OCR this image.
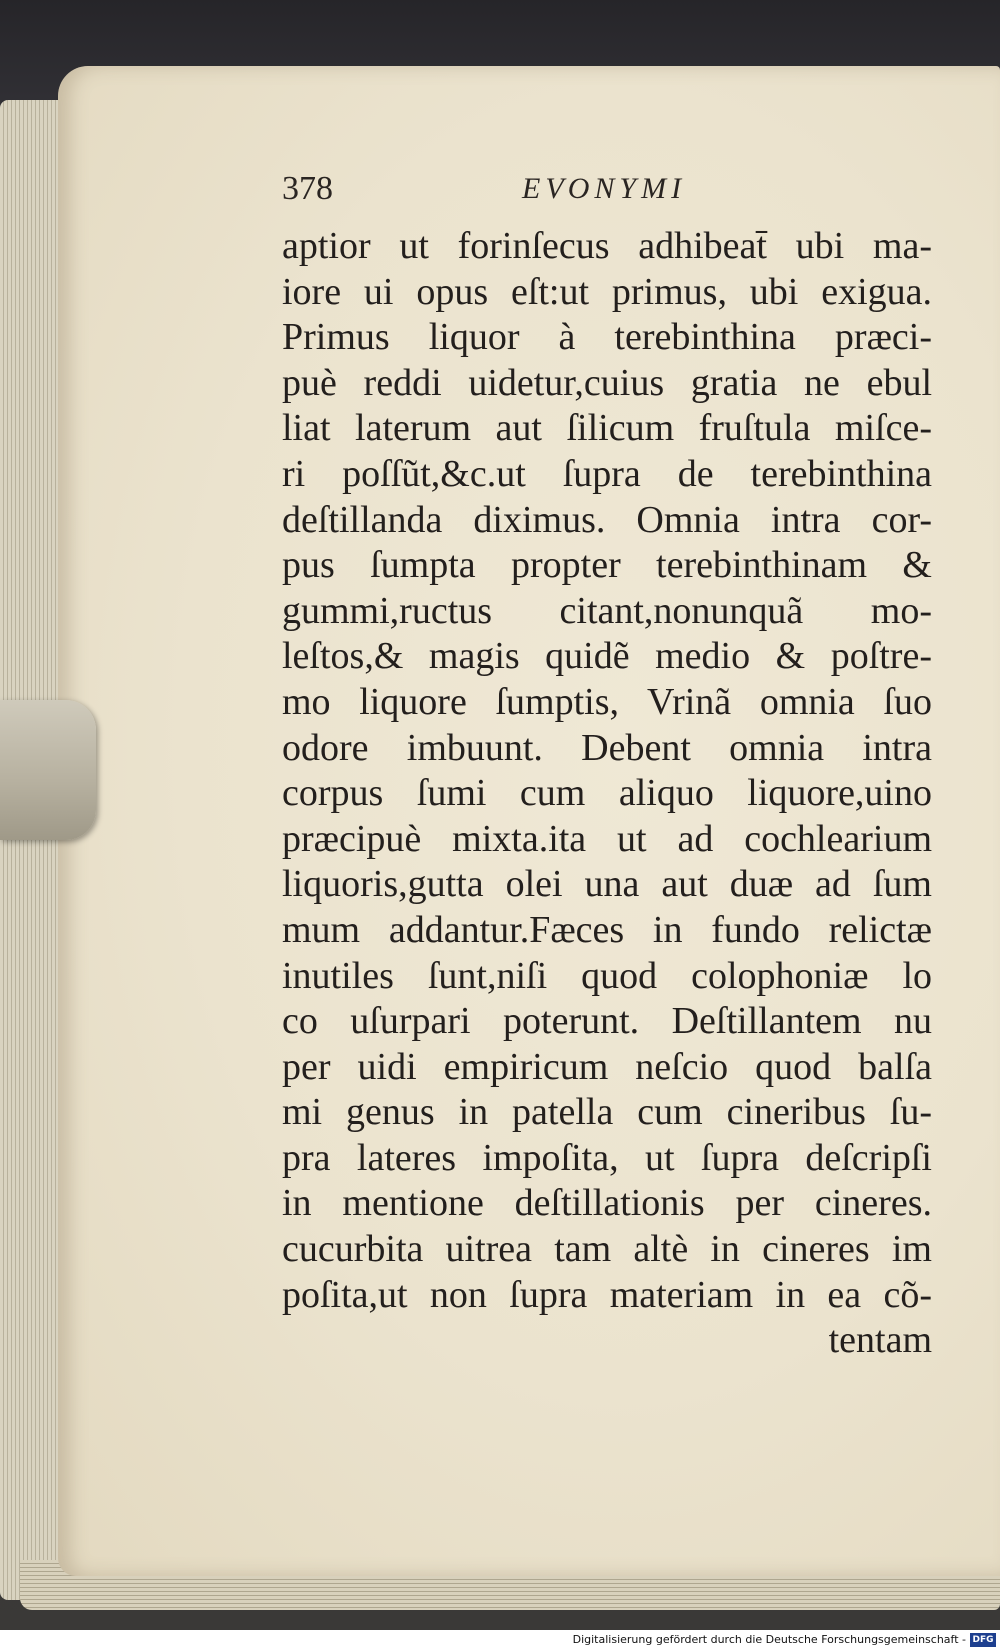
378	EVONYMI
aptior ut forinſecus adhibeat̄ ubi ma-
iore ui opus eſt:ut primus, ubi exigua.
Primus liquor à terebinthina præci-
puè reddi uidetur,cuius gratia ne ebul
liat laterum aut ſilicum fruſtula miſce-
ri poſſũt,&c.ut ſupra de terebinthina
deſtillanda diximus. Omnia intra cor-
pus ſumpta propter terebinthinam &
gummi,ructus citant,nonunquã mo-
leſtos,& magis quidẽ medio & poſtre-
mo liquore ſumptis, Vrinã omnia ſuo
odore imbuunt. Debent omnia intra
corpus ſumi cum aliquo liquore,uino
præcipuè mixta.ita ut ad cochlearium
liquoris,gutta olei una aut duæ ad ſum
mum addantur.Fæces in fundo relictæ
inutiles ſunt,niſi quod colophoniæ lo
co uſurpari poterunt. Deſtillantem nu
per uidi empiricum neſcio quod balſa
mi genus in patella cum cineribus ſu-
pra lateres impoſita, ut ſupra deſcripſi
in mentione deſtillationis per cineres.
cucurbita uitrea tam altè in cineres im
poſita,ut non ſupra materiam in ea cõ-
tentam
Digitalisierung gefördert durch die Deutsche Forschungsgemeinschaft - DFG
